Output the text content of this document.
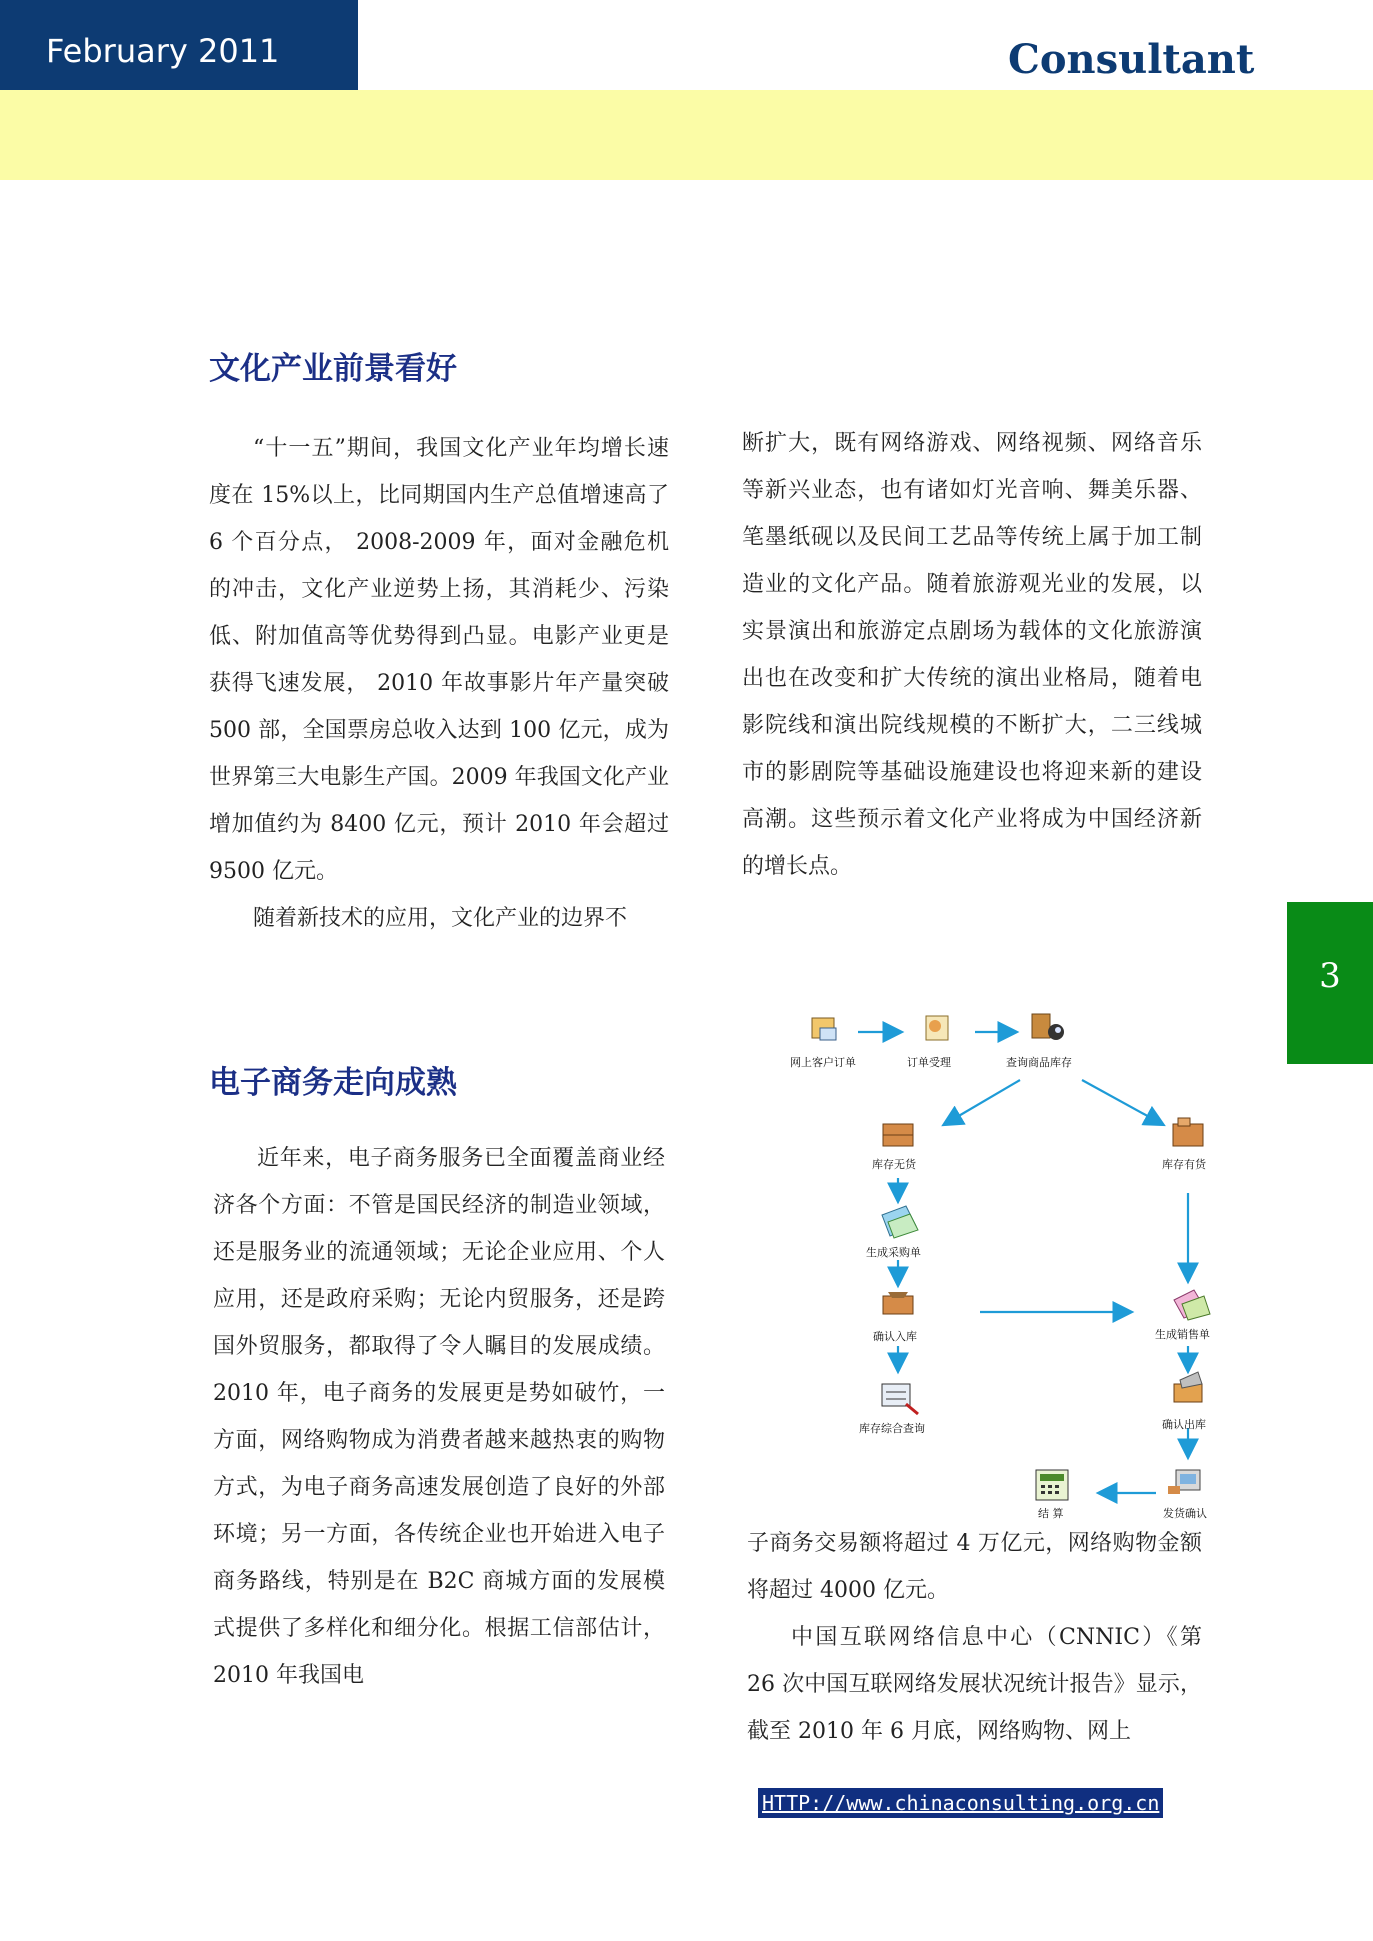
February 2011	Consultant
文化产业前景看好

“十一五”期间，我国文化产业年均增长速度在 15%以上，比同期国内生产总值增速高了 6 个百分点， 2008-2009 年，面对金融危机的冲击，文化产业逆势上扬，其消耗少、污染低、附加值高等优势得到凸显。电影产业更是获得飞速发展， 2010 年故事影片年产量突破 500 部，全国票房总收入达到 100 亿元，成为世界第三大电影生产国。2009 年我国文化产业增加值约为 8400 亿元，预计 2010 年会超过 9500 亿元。

随着新技术的应用，文化产业的边界不

断扩大，既有网络游戏、网络视频、网络音乐等新兴业态，也有诸如灯光音响、舞美乐器、笔墨纸砚以及民间工艺品等传统上属于加工制造业的文化产品。随着旅游观光业的发展，以实景演出和旅游定点剧场为载体的文化旅游演出也在改变和扩大传统的演出业格局，随着电影院线和演出院线规模的不断扩大，二三线城市的影剧院等基础设施建设也将迎来新的建设高潮。这些预示着文化产业将成为中国经济新的增长点。

3
电子商务走向成熟

近年来，电子商务服务已全面覆盖商业经济各个方面：不管是国民经济的制造业领域，还是服务业的流通领域；无论企业应用、个人应用，还是政府采购；无论内贸服务，还是跨国外贸服务，都取得了令人瞩目的发展成绩。2010 年，电子商务的发展更是势如破竹，一方面，网络购物成为消费者越来越热衷的购物方式，为电子商务高速发展创造了良好的外部环境；另一方面，各传统企业也开始进入电子商务路线，特别是在 B2C 商城方面的发展模式提供了多样化和细分化。根据工信部估计，2010 年我国电

子商务交易额将超过 4 万亿元，网络购物金额将超过 4000 亿元。

中国互联网络信息中心（CNNIC）《第 26 次中国互联网络发展状况统计报告》显示，截至 2010 年 6 月底，网络购物、网上

网上客户订单	订单受理	查询商品库存
库存无货	库存有货
生成采购单
确认入库
库存综合查询
生成销售单
确认出库
发货确认
结 算
HTTP://www.chinaconsulting.org.cn
